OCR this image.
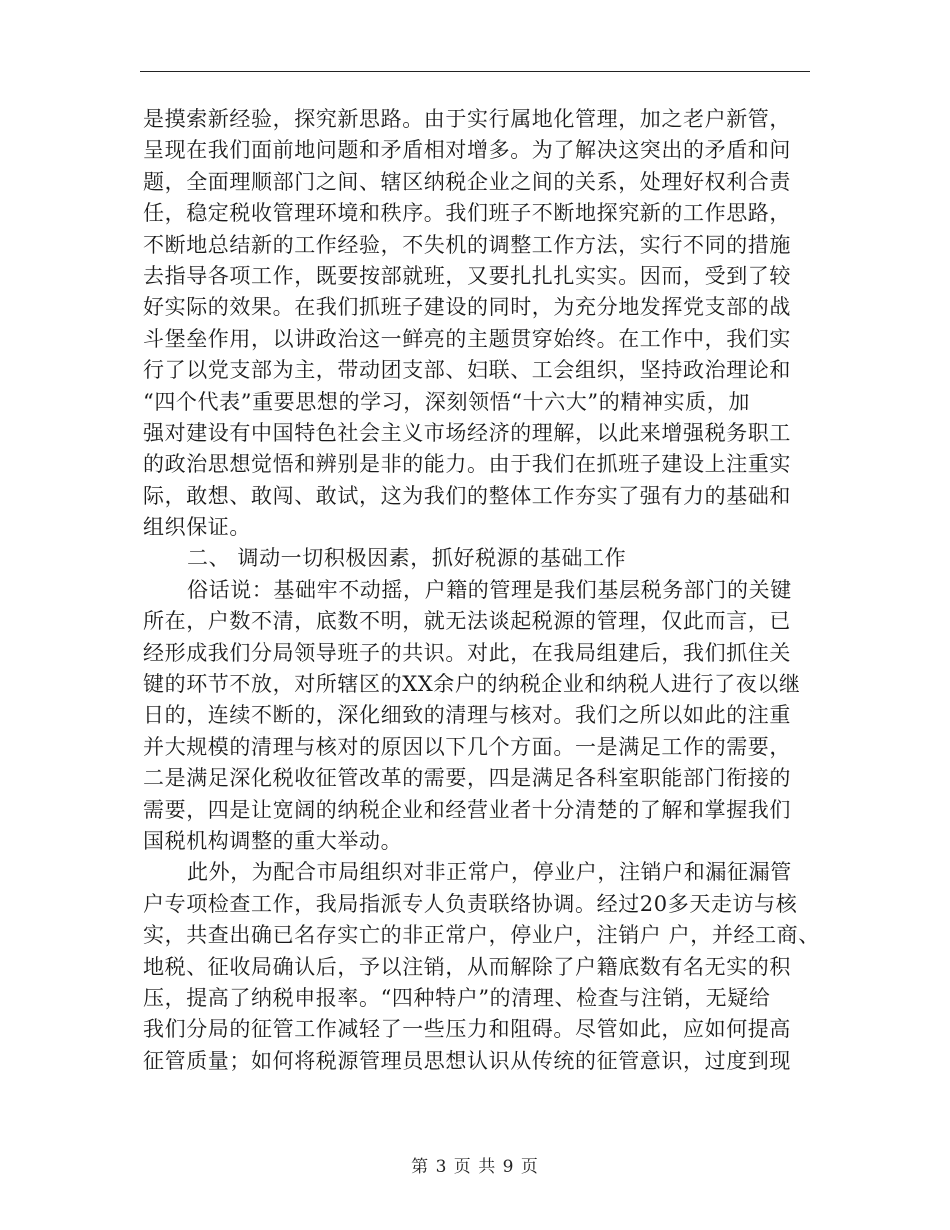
是摸索新经验，探究新思路。由于实行属地化管理，加之老户新管，
呈现在我们面前地问题和矛盾相对增多。为了解决这突出的矛盾和问
题，全面理顺部门之间、辖区纳税企业之间的关系，处理好权利合责
任，稳定税收管理环境和秩序。我们班子不断地探究新的工作思路，
不断地总结新的工作经验，不失机的调整工作方法，实行不同的措施
去指导各项工作，既要按部就班，又要扎扎扎实实。因而，受到了较
好实际的效果。在我们抓班子建设的同时，为充分地发挥党支部的战
斗堡垒作用，以讲政治这一鲜亮的主题贯穿始终。在工作中，我们实
行了以党支部为主，带动团支部、妇联、工会组织，坚持政治理论和
“四个代表”重要思想的学习，深刻领悟“十六大”的精神实质，加
强对建设有中国特色社会主义市场经济的理解，以此来增强税务职工
的政治思想觉悟和辨别是非的能力。由于我们在抓班子建设上注重实
际，敢想、敢闯、敢试，这为我们的整体工作夯实了强有力的基础和
组织保证。
二、 调动一切积极因素，抓好税源的基础工作
俗话说：基础牢不动摇，户籍的管理是我们基层税务部门的关键
所在，户数不清，底数不明，就无法谈起税源的管理，仅此而言，已
经形成我们分局领导班子的共识。对此，在我局组建后，我们抓住关
键的环节不放，对所辖区的XX余户的纳税企业和纳税人进行了夜以继
日的，连续不断的，深化细致的清理与核对。我们之所以如此的注重
并大规模的清理与核对的原因以下几个方面。一是满足工作的需要，
二是满足深化税收征管改革的需要，四是满足各科室职能部门衔接的
需要，四是让宽阔的纳税企业和经营业者十分清楚的了解和掌握我们
国税机构调整的重大举动。
此外，为配合市局组织对非正常户，停业户，注销户和漏征漏管
户专项检查工作，我局指派专人负责联络协调。经过20多天走访与核
实，共查出确已名存实亡的非正常户，停业户，注销户 户，并经工商、
地税、征收局确认后，予以注销，从而解除了户籍底数有名无实的积
压，提高了纳税申报率。“四种特户”的清理、检查与注销，无疑给
我们分局的征管工作减轻了一些压力和阻碍。尽管如此，应如何提高
征管质量；如何将税源管理员思想认识从传统的征管意识，过度到现
第 3 页 共 9 页
